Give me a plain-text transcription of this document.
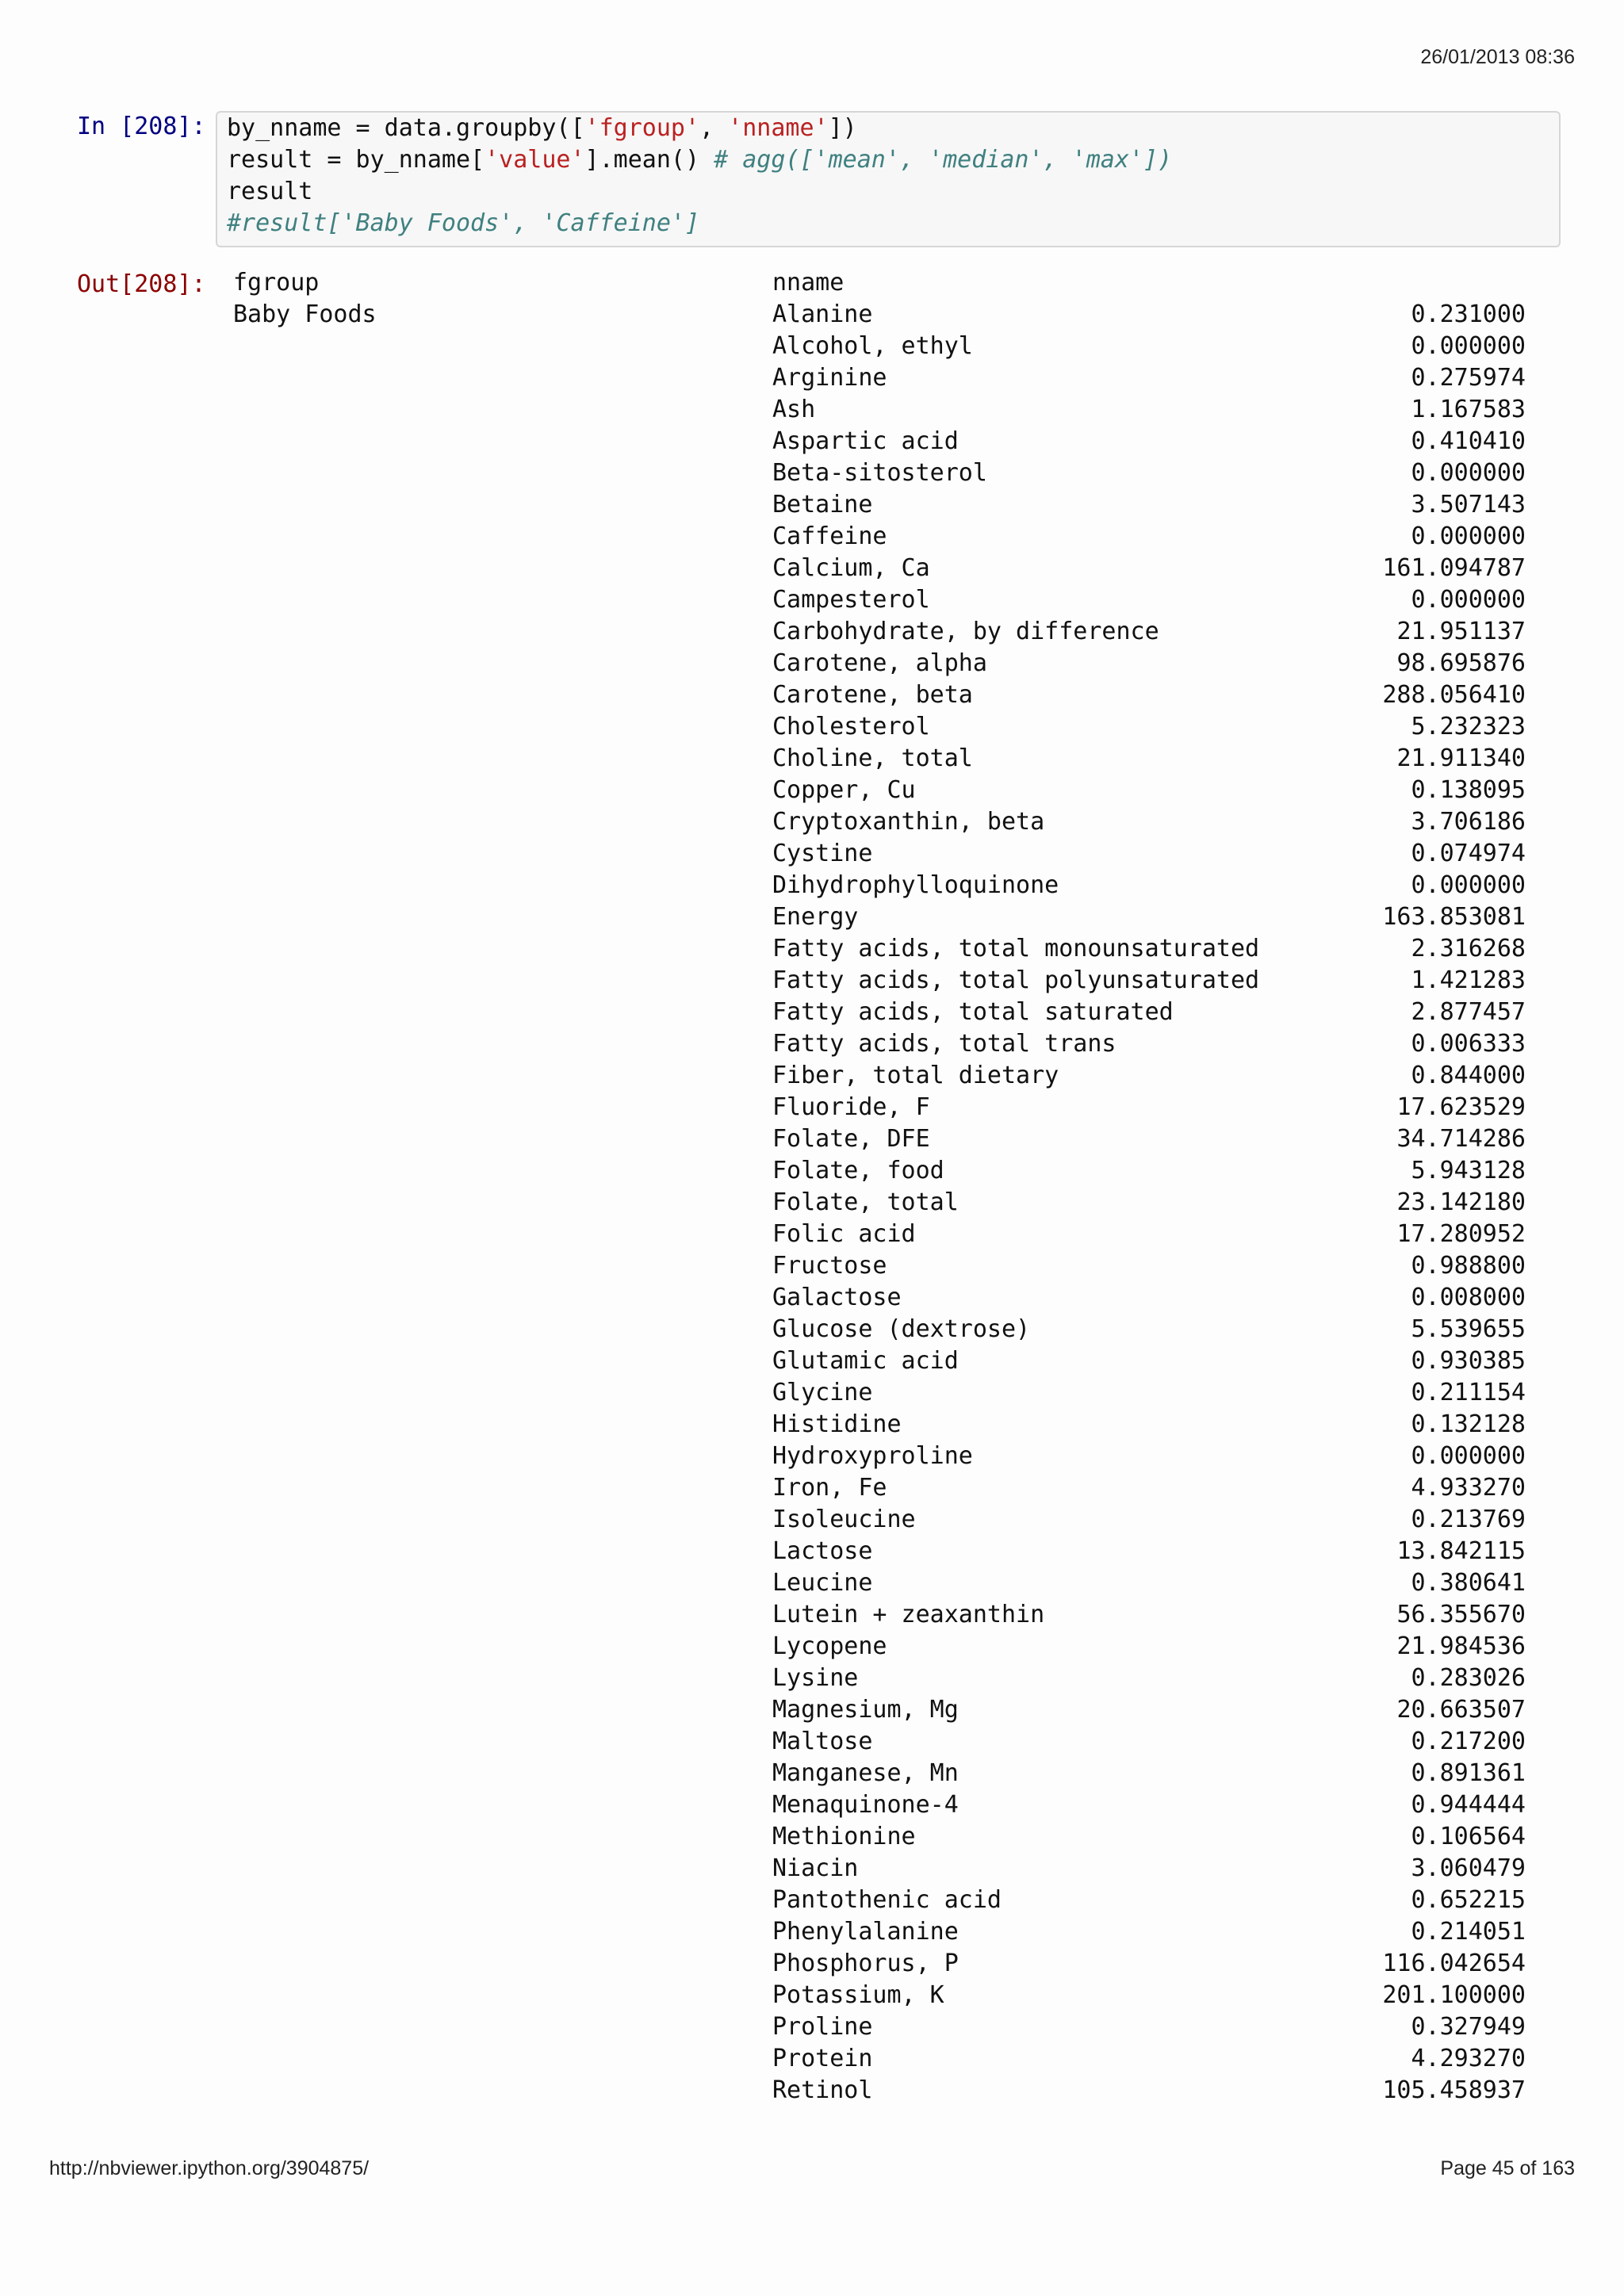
26/01/2013 08:36
In [208]: by_nname = data.groupby(['fgroup', 'nname'])
result = by_nname['value'].mean() # agg(['mean', 'median', 'max'])
result
#result['Baby Foods', 'Caffeine']
Out[208]: fgroup	nname
Baby Foods	Alanine	0.231000
Alcohol, ethyl	0.000000
Arginine	0.275974
Ash	1.167583
Aspartic acid	0.410410
Beta-sitosterol	0.000000
Betaine	3.507143
Caffeine	0.000000
Calcium, Ca	161.094787
Campesterol	0.000000
Carbohydrate, by difference	21.951137
Carotene, alpha	98.695876
Carotene, beta	288.056410
Cholesterol	5.232323
Choline, total	21.911340
Copper, Cu	0.138095
Cryptoxanthin, beta	3.706186
Cystine	0.074974
Dihydrophylloquinone	0.000000
Energy	163.853081
Fatty acids, total monounsaturated	2.316268
Fatty acids, total polyunsaturated	1.421283
Fatty acids, total saturated	2.877457
Fatty acids, total trans	0.006333
Fiber, total dietary	0.844000
Fluoride, F	17.623529
Folate, DFE	34.714286
Folate, food	5.943128
Folate, total	23.142180
Folic acid	17.280952
Fructose	0.988800
Galactose	0.008000
Glucose (dextrose)	5.539655
Glutamic acid	0.930385
Glycine	0.211154
Histidine	0.132128
Hydroxyproline	0.000000
Iron, Fe	4.933270
Isoleucine	0.213769
Lactose	13.842115
Leucine	0.380641
Lutein + zeaxanthin	56.355670
Lycopene	21.984536
Lysine	0.283026
Magnesium, Mg	20.663507
Maltose	0.217200
Manganese, Mn	0.891361
Menaquinone-4	0.944444
Methionine	0.106564
Niacin	3.060479
Pantothenic acid	0.652215
Phenylalanine	0.214051
Phosphorus, P	116.042654
Potassium, K	201.100000
Proline	0.327949
Protein	4.293270
Retinol	105.458937
http://nbviewer.ipython.org/3904875/	Page 45 of 163
